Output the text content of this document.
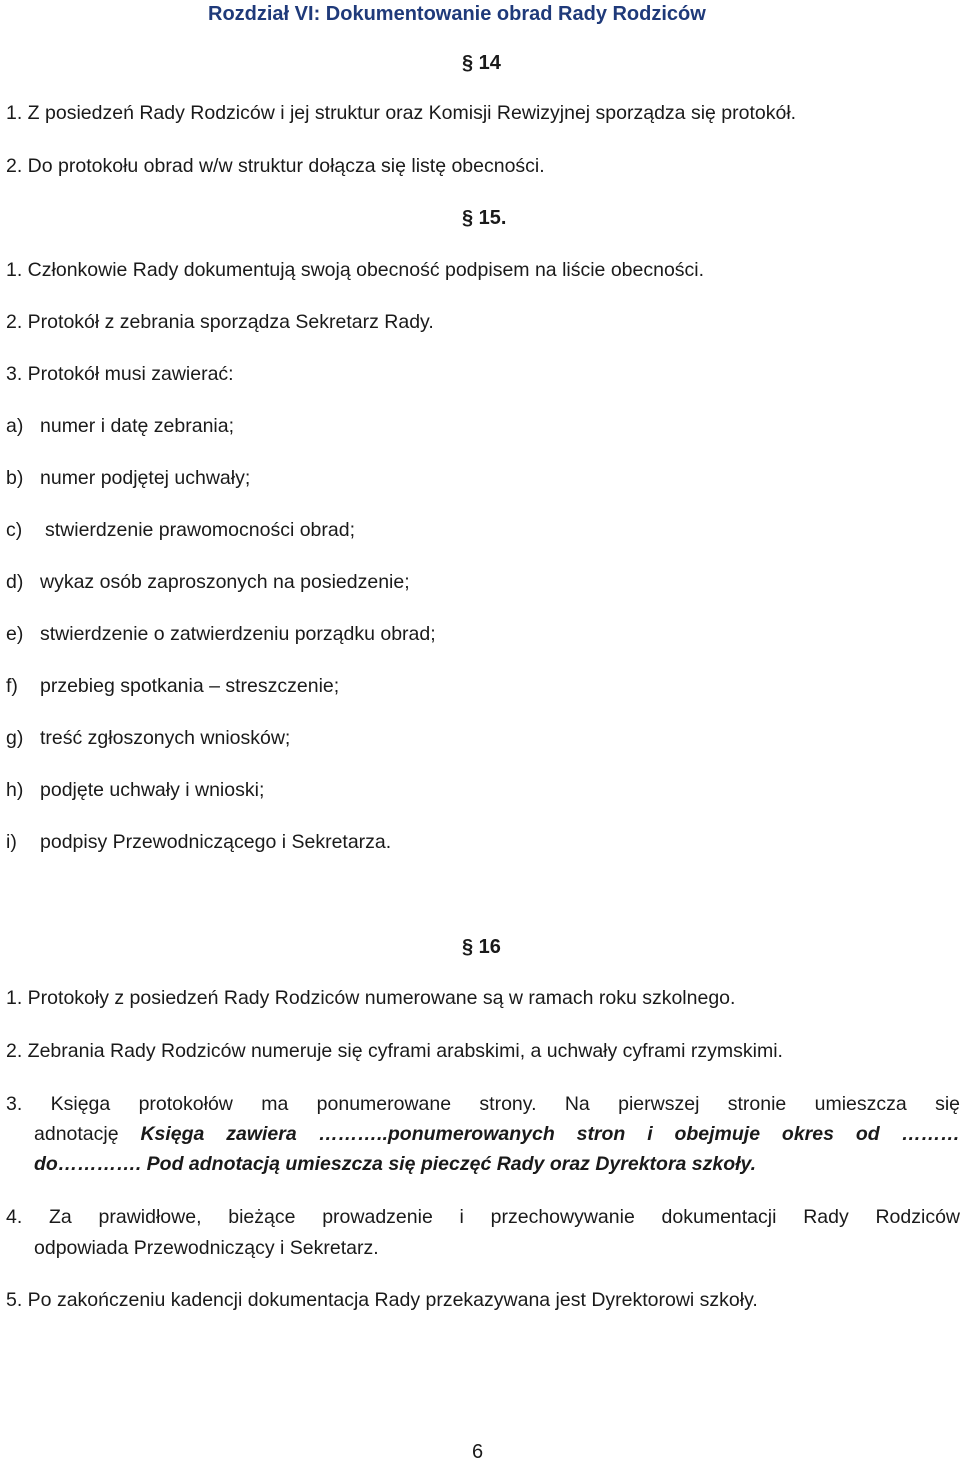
Rozdział VI: Dokumentowanie obrad Rady Rodziców
§ 14
1. Z posiedzeń Rady Rodziców i jej struktur oraz Komisji Rewizyjnej sporządza się protokół.
2. Do protokołu obrad w/w struktur dołącza się listę obecności.
§ 15.
1. Członkowie Rady dokumentują swoją obecność podpisem na liście obecności.
2. Protokół z zebrania sporządza Sekretarz Rady.
3. Protokół musi zawierać:
a) numer i datę zebrania;
b) numer podjętej uchwały;
c) stwierdzenie prawomocności obrad;
d) wykaz osób zaproszonych na posiedzenie;
e) stwierdzenie o zatwierdzeniu porządku obrad;
f) przebieg spotkania – streszczenie;
g) treść zgłoszonych wniosków;
h) podjęte uchwały i wnioski;
i) podpisy Przewodniczącego i Sekretarza.
§ 16
1. Protokoły z posiedzeń Rady Rodziców numerowane są w ramach roku szkolnego.
2. Zebrania Rady Rodziców numeruje się cyframi arabskimi, a uchwały cyframi rzymskimi.
3. Księga protokołów ma ponumerowane strony. Na pierwszej stronie umieszcza się
adnotację Księga zawiera ………..ponumerowanych stron i obejmuje okres od ………
do…………. Pod adnotacją umieszcza się pieczęć Rady oraz Dyrektora szkoły.
4. Za prawidłowe, bieżące prowadzenie i przechowywanie dokumentacji Rady Rodziców
odpowiada Przewodniczący i Sekretarz.
5. Po zakończeniu kadencji dokumentacja Rady przekazywana jest Dyrektorowi szkoły.
6
